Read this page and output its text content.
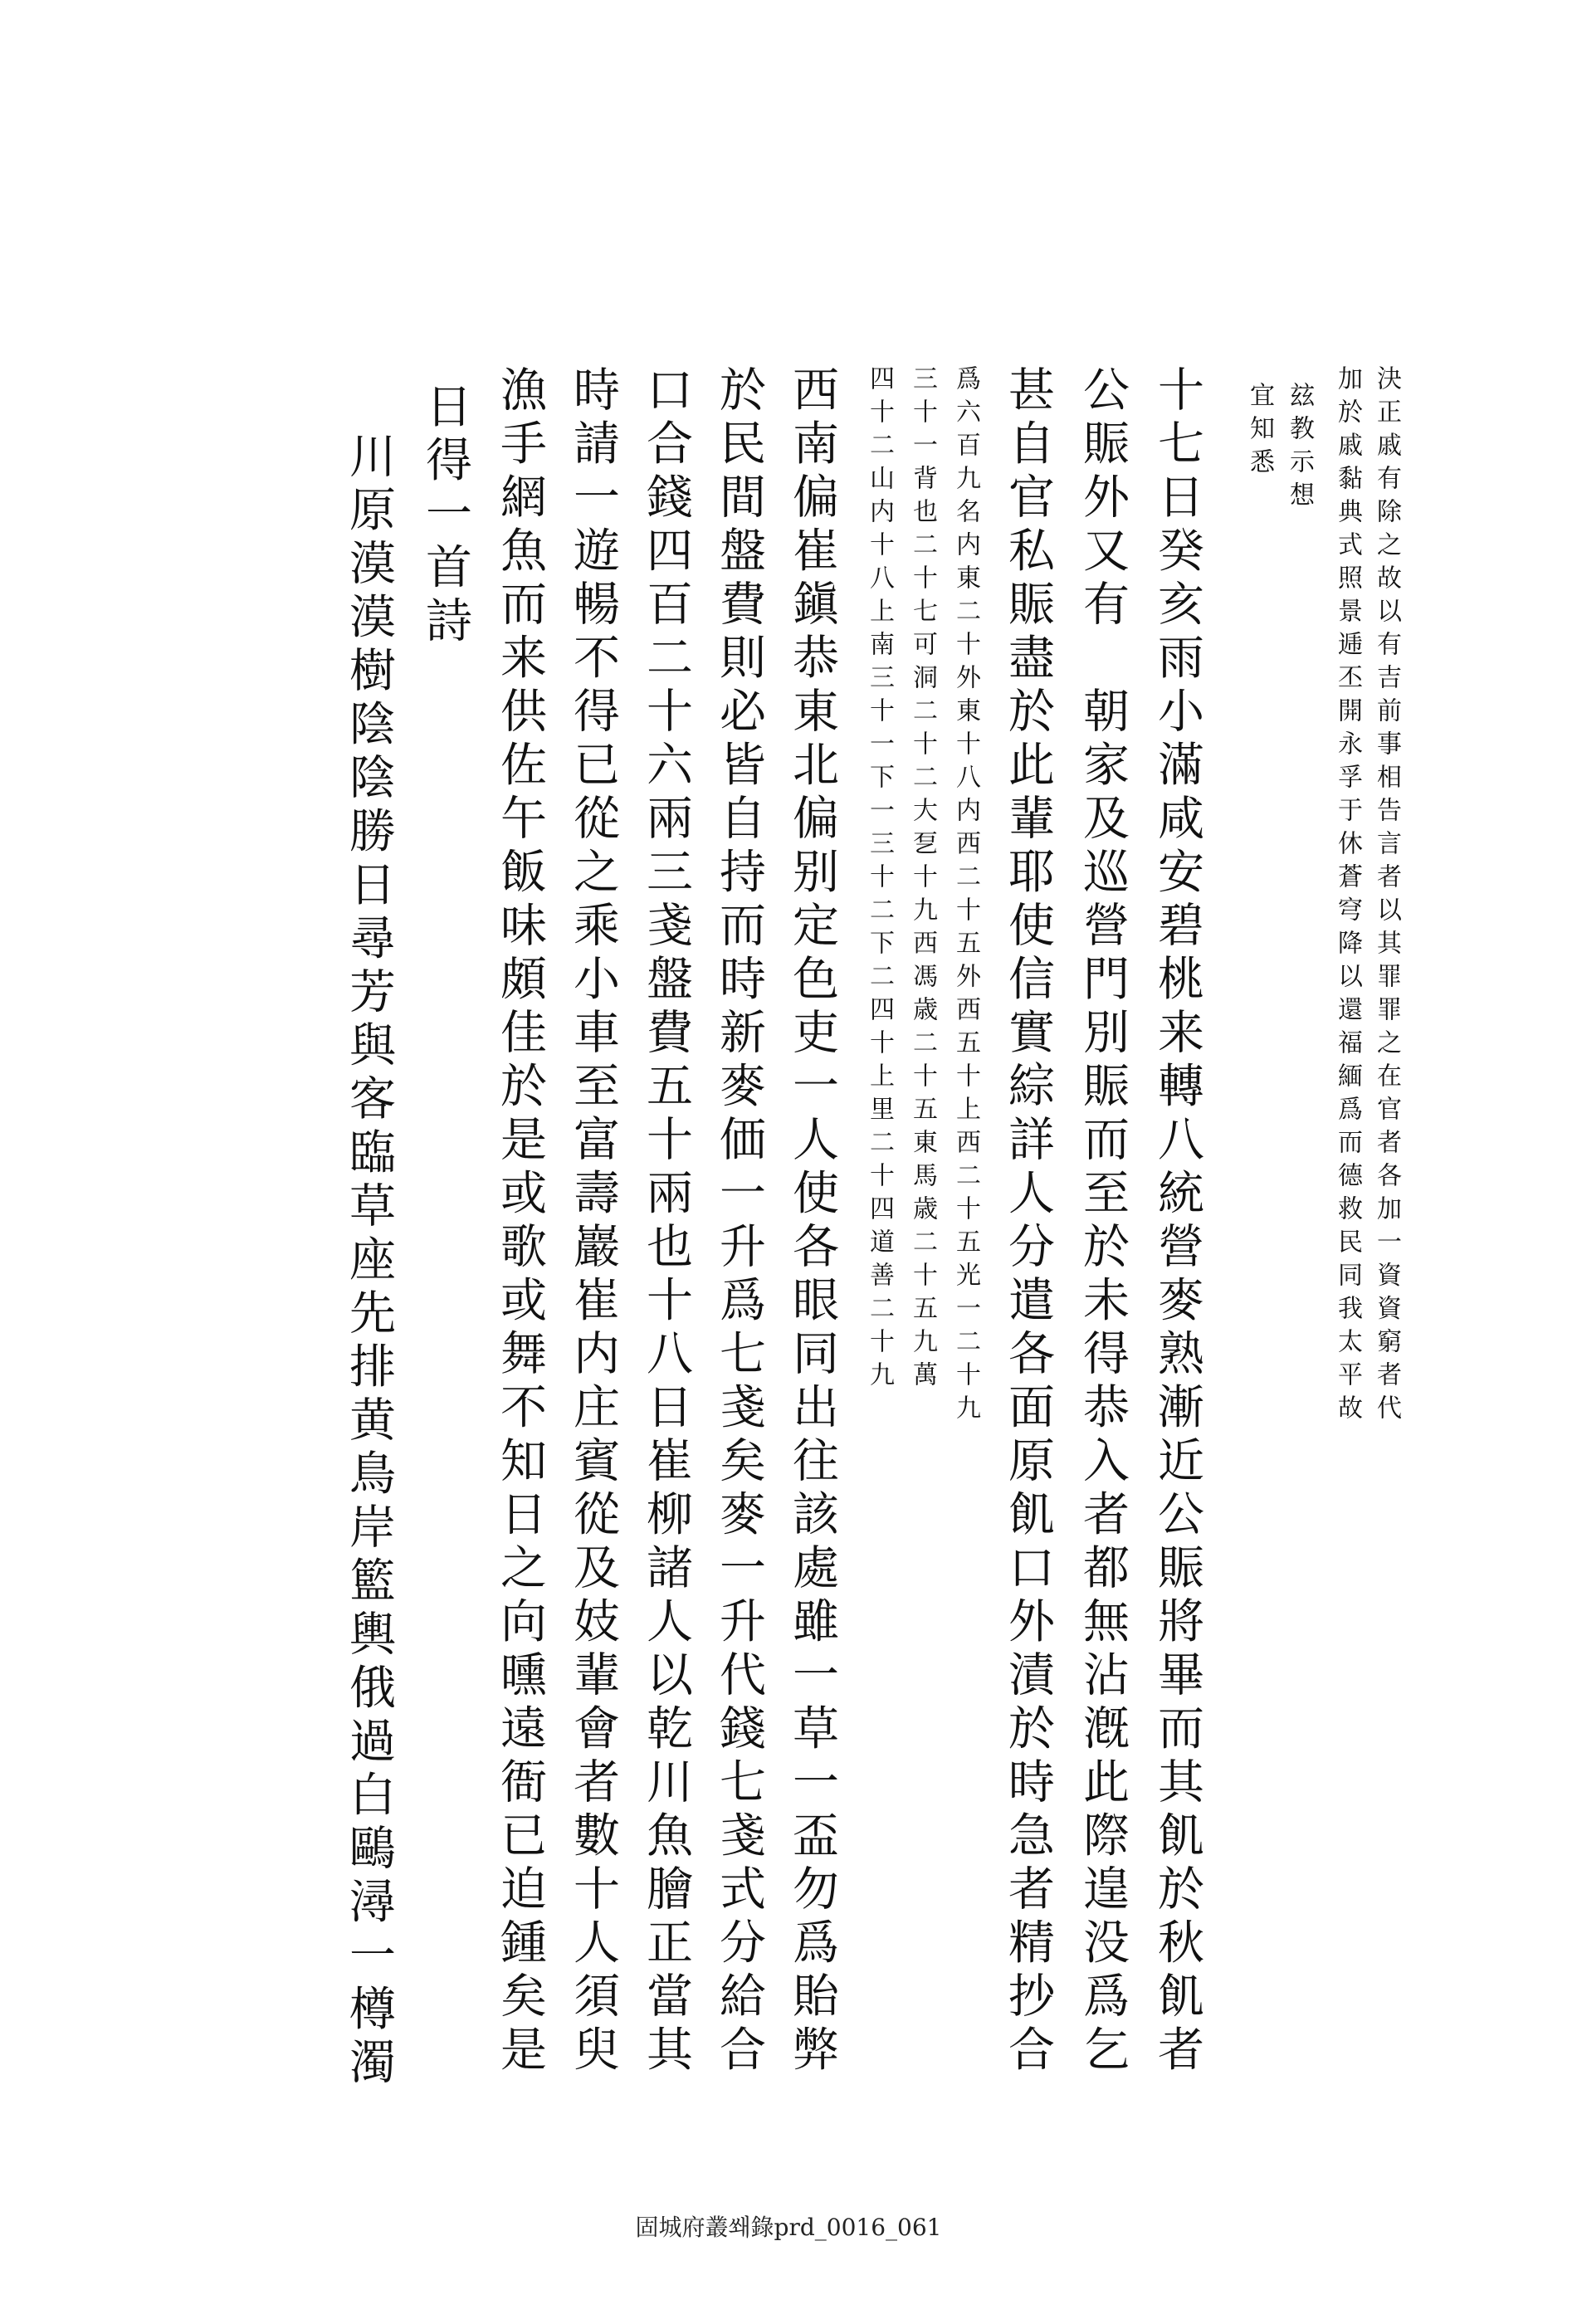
決正戚有除之故以有吉前事相告言者以其罪罪之在官者各加一資資窮者代
加於戚黏典式照景逓丕開永孚于休蒼穹降以還福緬爲而德救民同我太平故
玆教示想
宜知悉
十七日癸亥雨小滿咸安碧桃来轉八統營麥熟漸近公賑將畢而其飢於秋飢者
公賑外又有　朝家及巡營門別賑而至於未得恭入者都無沾漑此際遑没爲乞
甚自官私賑盡於此輩耶使信實綜詳人分遣各面原飢口外漬於時急者精抄合
爲六百九名内東二十外東十八内西二十五外西五十上西二十五光一二十九
三十一背也二十七可洞二十二大乭十九西馮歳二十五東馬歳二十五九萬
四十二山内十八上南三十一下一三十二下二四十上里二十四道善二十九
西南偏崔鎭恭東北偏别定色吏一人使各眼同出往該處雖一草一盃勿爲貽弊
於民間盤費則必皆自持而時新麥価一升爲七戔矣麥一升代錢七戔式分給合
口合錢四百二十六兩三戔盤費五十兩也十八日崔柳諸人以乾川魚膾正當其
時請一遊暢不得已從之乘小車至富壽巖崔内庄賓從及妓輩會者數十人須臾
漁手網魚而来供佐午飯味頗佳於是或歌或舞不知日之向曛遠衙已迫鍾矣是
日得一首詩
川原漠漠樹陰陰勝日尋芳與客臨草座先排黄鳥岸籃輿俄過白鷗潯一樽濁
固城府叢쐐錄prd_0016_061
